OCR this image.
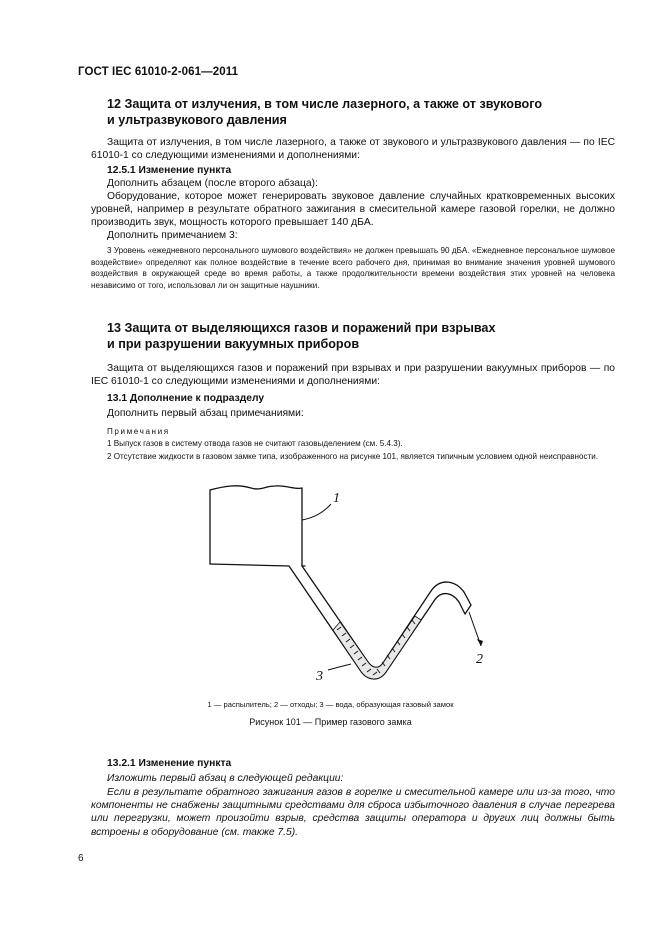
ГОСТ IEC 61010-2-061—2011
12 Защита от излучения, в том числе лазерного, а также от звукового
и ультразвукового давления
Защита от излучения, в том числе лазерного, а также от звукового и ультразвукового давления — по IEC 61010-1 со следующими изменениями и дополнениями:
12.5.1 Изменение пункта
Дополнить абзацем (после второго абзаца):
Оборудование, которое может генерировать звуковое давление случайных кратковременных высоких уровней, например в результате обратного зажигания в смесительной камере газовой горелки, не должно производить звук, мощность которого превышает 140 дБA.
Дополнить примечанием 3:
3 Уровень «ежедневного персонального шумового воздействия» не должен превышать 90 дБA. «Ежедневное персональное шумовое воздействие» определяют как полное воздействие в течение всего рабочего дня, принимая во внимание значения уровней шумового воздействия в окружающей среде во время работы, а также продолжительности времени воздействия этих уровней на человека независимо от того, использовал ли он защитные наушники.
13 Защита от выделяющихся газов и поражений при взрывах
и при разрушении вакуумных приборов
Защита от выделяющихся газов и поражений при взрывах и при разрушении вакуумных приборов — по IEC 61010-1 со следующими изменениями и дополнениями:
13.1 Дополнение к подразделу
Дополнить первый абзац примечаниями:
Примечания
1 Выпуск газов в систему отвода газов не считают газовыделением (см. 5.4.3).
2 Отсутствие жидкости в газовом замке типа, изображенного на рисунке 101, является типичным условием одной неисправности.
1
2
3
1 — распылитель; 2 — отходы; 3 — вода, образующая газовый замок
Рисунок 101 — Пример газового замка
13.2.1 Изменение пункта
Изложить первый абзац в следующей редакции:
Если в результате обратного зажигания газов в горелке и смесительной камере или из-за того, что компоненты не снабжены защитными средствами для сброса избыточного давления в случае перегрева или перегрузки, может произойти взрыв, средства защиты оператора и других лиц должны быть встроены в оборудование (см. также 7.5).
6
